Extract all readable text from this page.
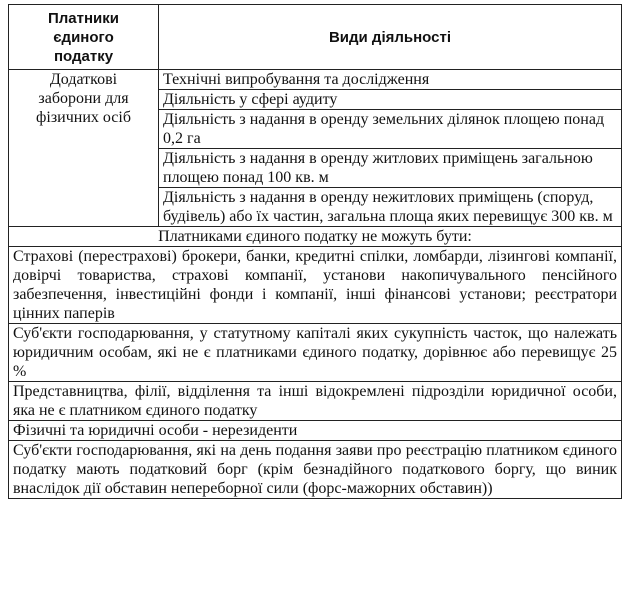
Платники
єдиного
податку	Види діяльності

Додаткові
заборони для
фізичних осіб	Технічні випробування та дослідження
	Діяльність у сфері аудиту
	Діяльність з надання в оренду земельних ділянок площею понад 0,2 га
	Діяльність з надання в оренду житлових приміщень загальною площею понад 100 кв. м
	Діяльність з надання в оренду нежитлових приміщень (споруд, будівель) або їх частин, загальна площа яких перевищує 300 кв. м
Платниками єдиного податку не можуть бути:	
Страхові (перестрахові) брокери, банки, кредитні спілки, ломбарди, лізингові компанії, довірчі товариства, страхові компанії, установи накопичувального пенсійного забезпечення, інвестиційні фонди і компанії, інші фінансові установи; реєстратори цінних паперів	
Суб'єкти господарювання, у статутному капіталі яких сукупність часток, що належать юридичним особам, які не є платниками єдиного податку, дорівнює або перевищує 25 %	
Представництва, філії, відділення та інші відокремлені підрозділи юридичної особи, яка не є платником єдиного податку	
Фізичні та юридичні особи - нерезиденти	
Суб'єкти господарювання, які на день подання заяви про реєстрацію платником єдиного податку мають податковий борг (крім безнадійного податкового боргу, що виник внаслідок дії обставин непереборної сили (форс-мажорних обставин))	
